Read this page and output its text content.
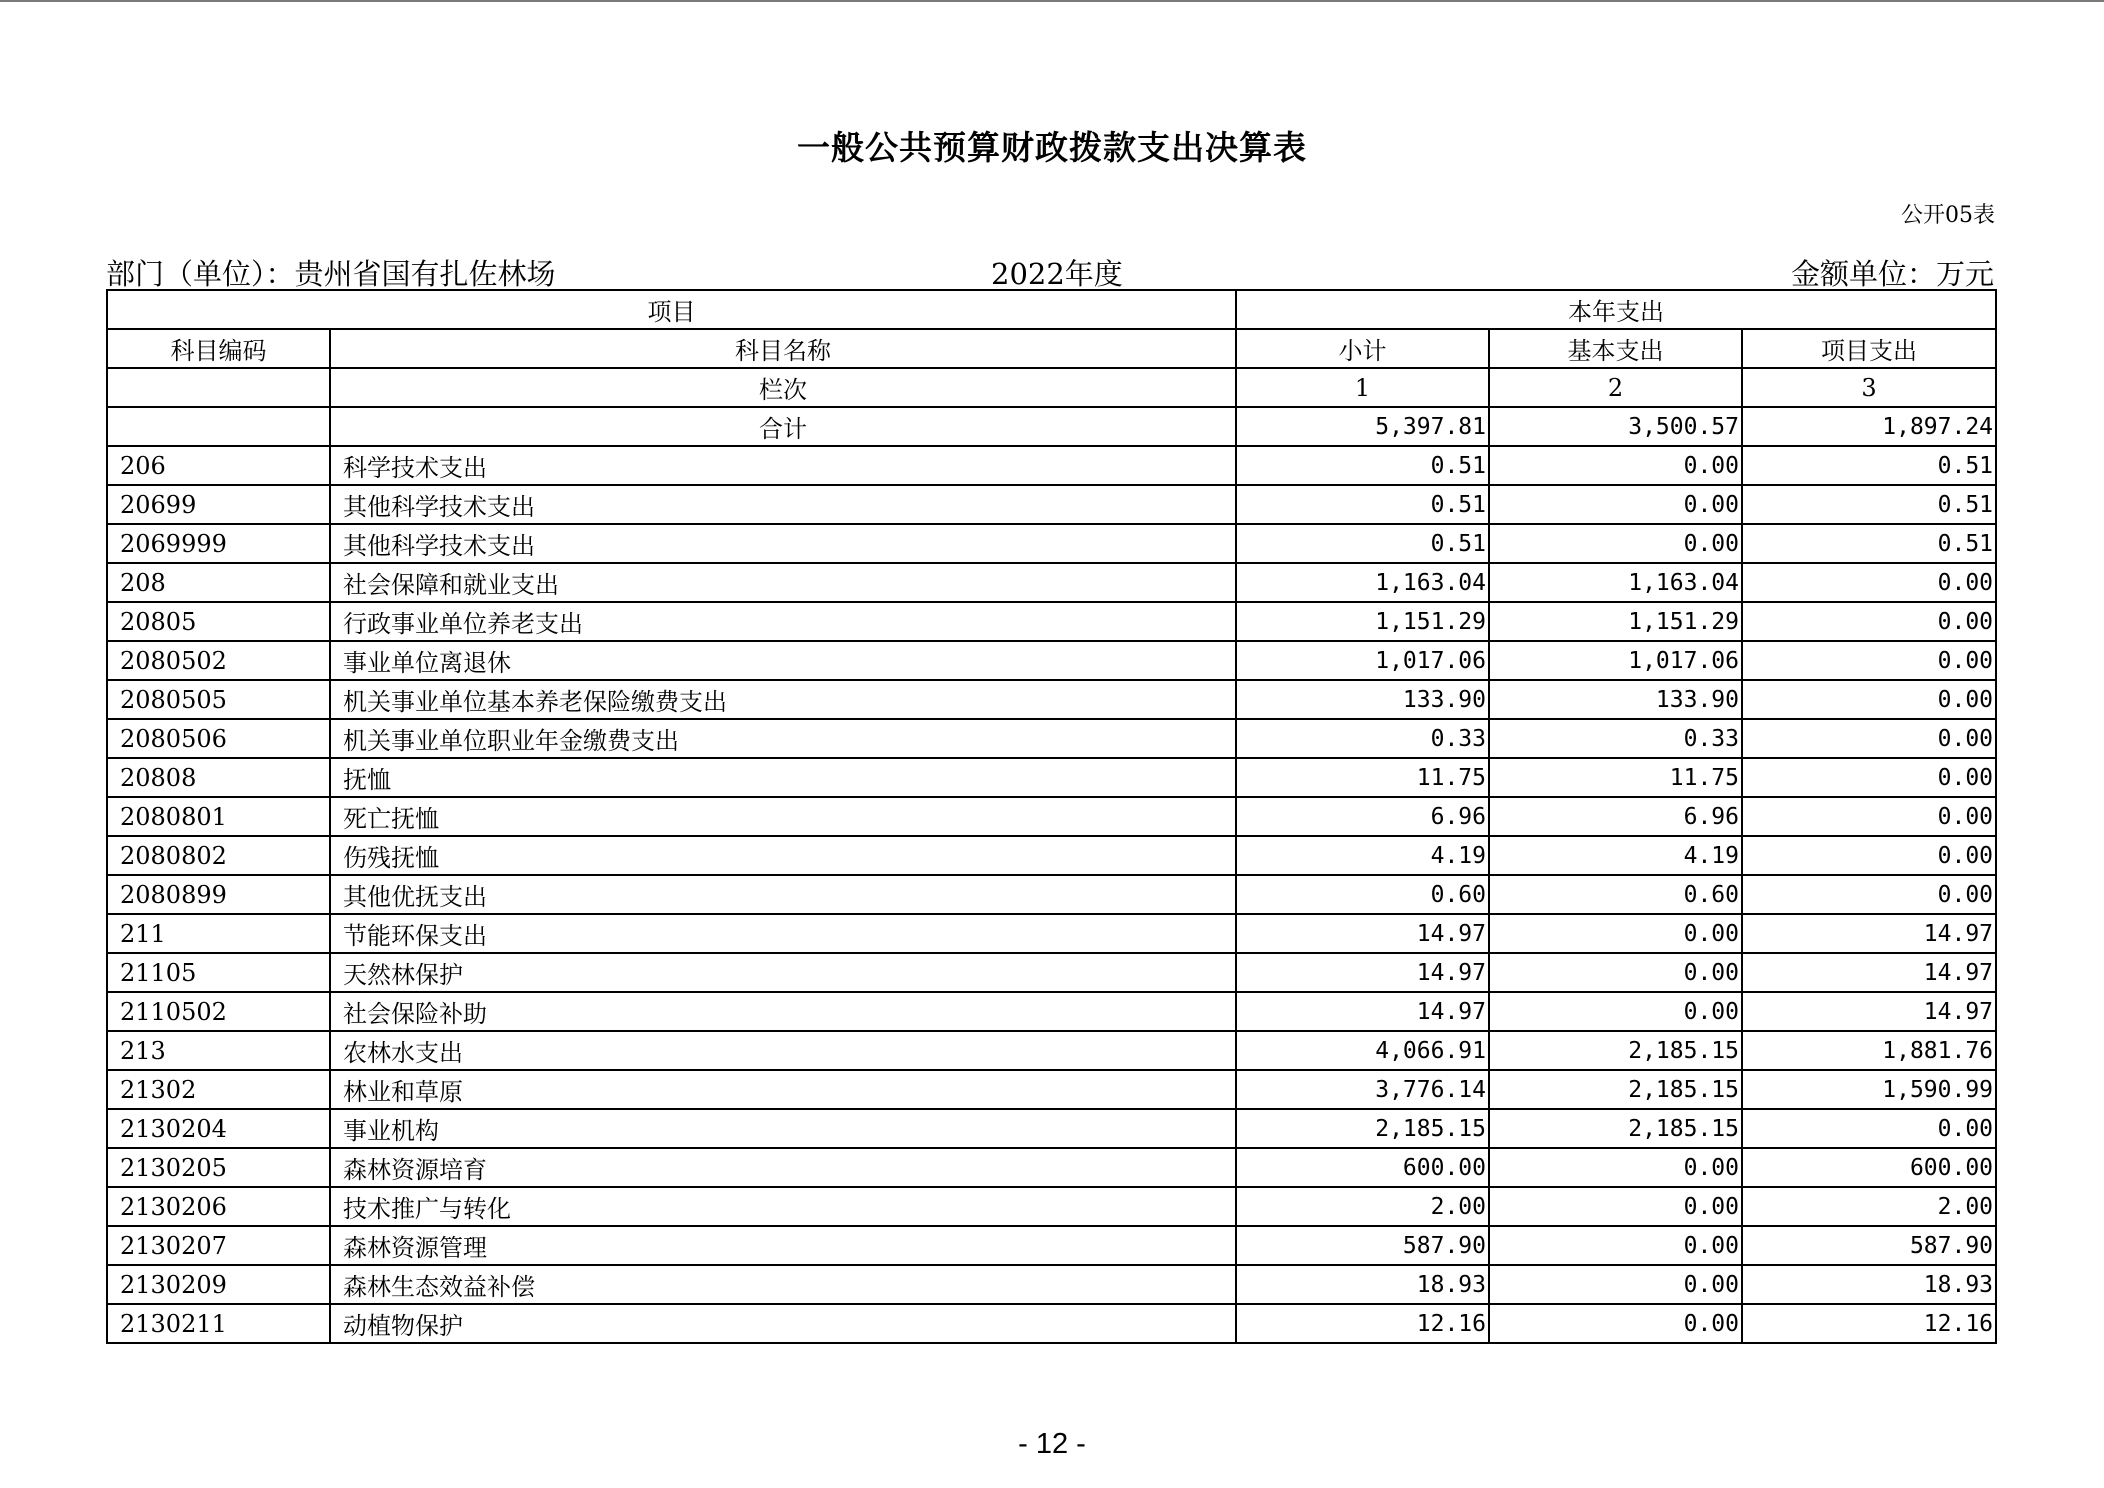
一般公共预算财政拨款支出决算表
公开05表
部门（单位）：贵州省国有扎佐林场	2022年度	金额单位：万元
项目		本年支出		
科目编码	科目名称	小计	基本支出	项目支出
	栏次	1	2	3
	合计	5,397.81	3,500.57	1,897.24
206	科学技术支出	0.51	0.00	0.51
20699	其他科学技术支出	0.51	0.00	0.51
2069999	其他科学技术支出	0.51	0.00	0.51
208	社会保障和就业支出	1,163.04	1,163.04	0.00
20805	行政事业单位养老支出	1,151.29	1,151.29	0.00
2080502	事业单位离退休	1,017.06	1,017.06	0.00
2080505	机关事业单位基本养老保险缴费支出	133.90	133.90	0.00
2080506	机关事业单位职业年金缴费支出	0.33	0.33	0.00
20808	抚恤	11.75	11.75	0.00
2080801	死亡抚恤	6.96	6.96	0.00
2080802	伤残抚恤	4.19	4.19	0.00
2080899	其他优抚支出	0.60	0.60	0.00
211	节能环保支出	14.97	0.00	14.97
21105	天然林保护	14.97	0.00	14.97
2110502	社会保险补助	14.97	0.00	14.97
213	农林水支出	4,066.91	2,185.15	1,881.76
21302	林业和草原	3,776.14	2,185.15	1,590.99
2130204	事业机构	2,185.15	2,185.15	0.00
2130205	森林资源培育	600.00	0.00	600.00
2130206	技术推广与转化	2.00	0.00	2.00
2130207	森林资源管理	587.90	0.00	587.90
2130209	森林生态效益补偿	18.93	0.00	18.93
2130211	动植物保护	12.16	0.00	12.16
- 12 -
